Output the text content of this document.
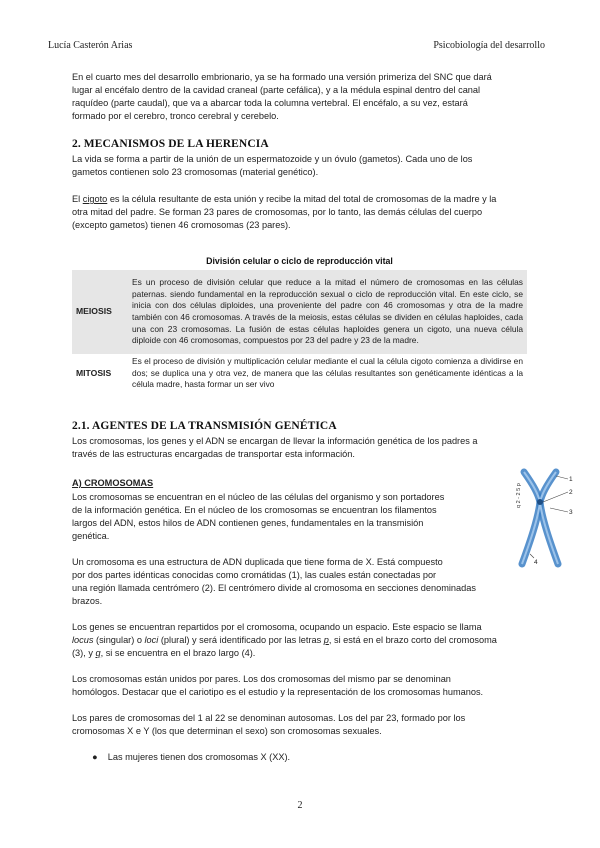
Lucía Casterón Arias	Psicobiología del desarrollo

En el cuarto mes del desarrollo embrionario, ya se ha formado una versión primeriza del SNC que dará

lugar al encéfalo dentro de la cavidad craneal (parte cefálica), y a la médula espinal dentro del canal

raquídeo (parte caudal), que va a abarcar toda la columna vertebral. El encéfalo, a su vez, estará

formado por el cerebro, tronco cerebral y cerebelo.

2. MECANISMOS DE LA HERENCIA

La vida se forma a partir de la unión de un espermatozoide y un óvulo (gametos). Cada uno de los

gametos contienen solo 23 cromosomas (material genético).

El cigoto es la célula resultante de esta unión y recibe la mitad del total de cromosomas de la madre y la

otra mitad del padre. Se forman 23 pares de cromosomas, por lo tanto, las demás células del cuerpo

(excepto gametos) tienen 46 cromosomas (23 pares).

División celular o ciclo de reproducción vital
MEIOSIS	Es un proceso de división celular que reduce a la mitad el número de cromosomas en las células paternas. siendo fundamental en la reproducción sexual o ciclo de reproducción vital. En este ciclo, se inicia con dos células diploides, una proveniente del padre con 46 cromosomas y otra de la madre también con 46 cromosomas. A través de la meiosis, estas células se dividen en células haploides, cada una con 23 cromosomas. La fusión de estas células haploides genera un cigoto, una nueva célula diploide con 46 cromosomas, compuestos por 23 del padre y 23 de la madre.
MITOSIS	Es el proceso de división y multiplicación celular mediante el cual la célula cigoto comienza a dividirse en dos; se duplica una y otra vez, de manera que las células resultantes son genéticamente idénticas a la célula madre, hasta formar un ser vivo
2.1. AGENTES DE LA TRANSMISIÓN GENÉTICA

Los cromosomas, los genes y el ADN se encargan de llevar la información genética de los padres a

través de las estructuras encargadas de transportar esta información.

A) CROMOSOMAS

Los cromosomas se encuentran en el núcleo de las células del organismo y son portadores

de la información genética. En el núcleo de los cromosomas se encuentran los filamentos

largos del ADN, estos hilos de ADN contienen genes, fundamentales en la transmisión

genética.

Un cromosoma es una estructura de ADN duplicada que tiene forma de X. Está compuesto

por dos partes idénticas conocidas como cromátidas (1), las cuales están conectadas por

una región llamada centrómero (2). El centrómero divide al cromosoma en secciones denominadas

brazos.

Los genes se encuentran repartidos por el cromosoma, ocupando un espacio. Este espacio se llama

locus (singular) o loci (plural) y será identificado por las letras p, si está en el brazo corto del cromosoma

(3), y q, si se encuentra en el brazo largo (4).

Los cromosomas están unidos por pares. Los dos cromosomas del mismo par se denominan

homólogos. Destacar que el cariotipo es el estudio y la representación de los cromosomas humanos.

Los pares de cromosomas del 1 al 22 se denominan autosomas. Los del par 23, formado por los

cromosomas X e Y (los que determinan el sexo) son cromosomas sexuales.

● Las mujeres tienen dos cromosomas X (XX).

q 2 - 2 5 p
1
2
3
4
2
